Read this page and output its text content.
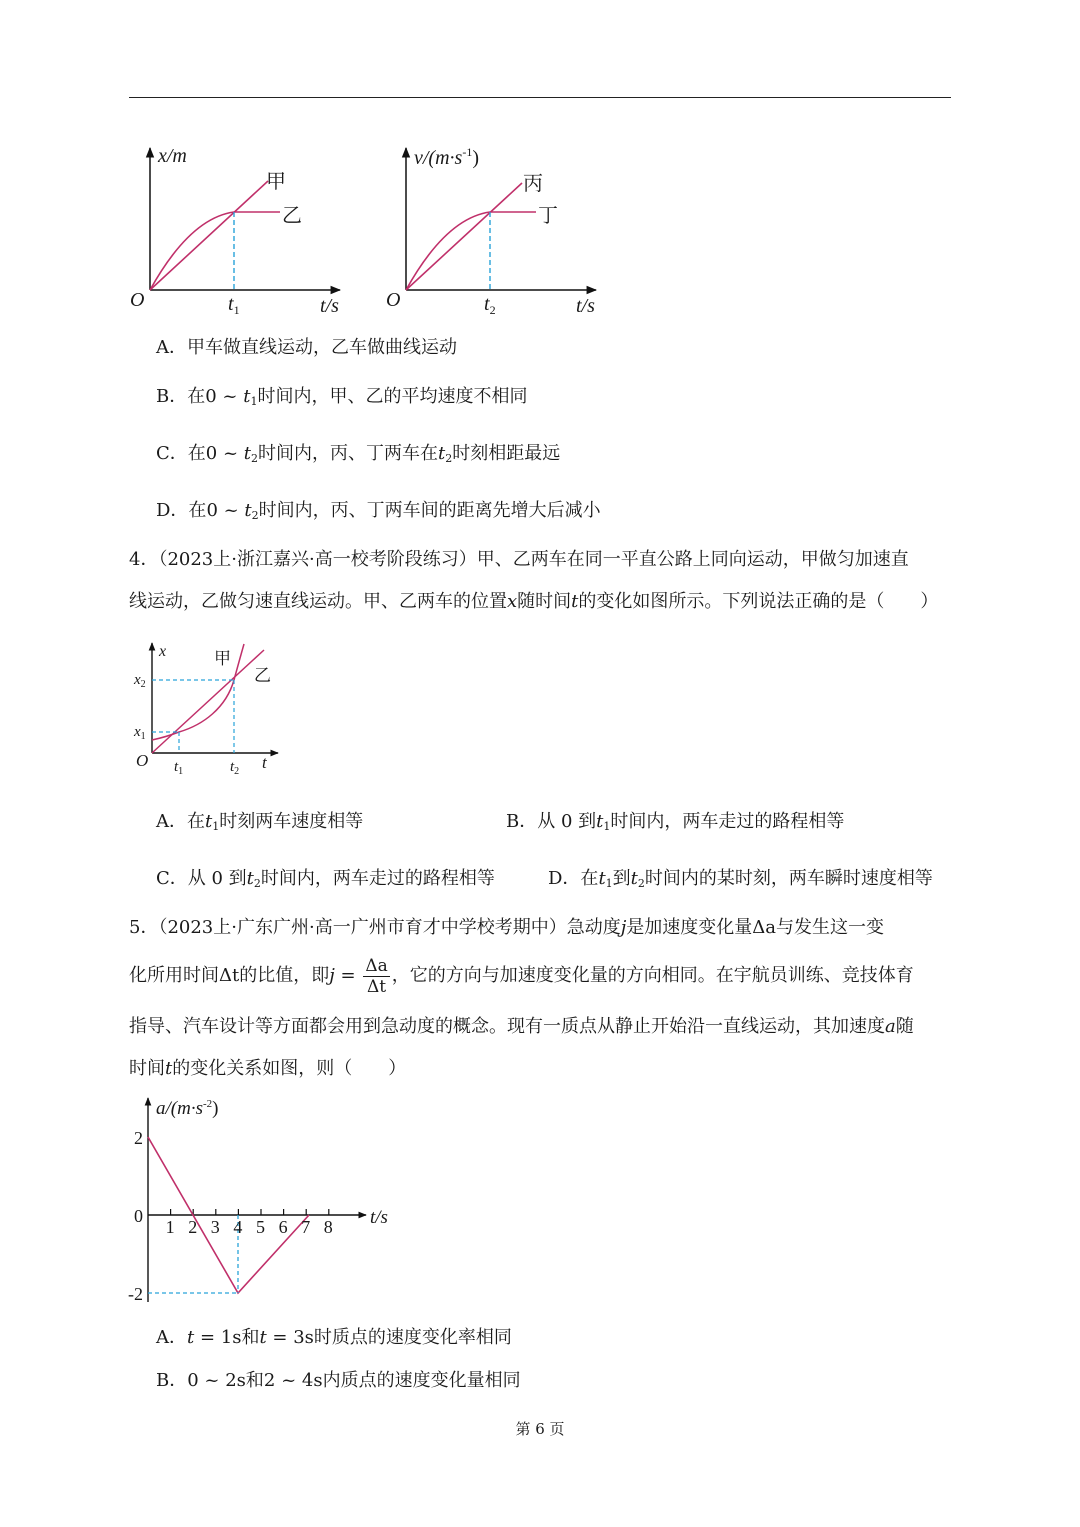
x/m
甲
乙
O	$t_1$	t/s
$v/(m\cdot s^{-1})$
丙
丁
O	$t_2$	t/s
A．甲车做直线运动，乙车做曲线运动
B．在0 ~ $t_1$时间内，甲、乙的平均速度不相同
C．在0 ~ $t_2$时间内，丙、丁两车在$t_2$时刻相距最远
D．在0 ~ $t_2$时间内，丙、丁两车间的距离先增大后减小
4．（2023上·浙江嘉兴·高一校考阶段练习）甲、乙两车在同一平直公路上同向运动，甲做匀加速直
线运动，乙做匀速直线运动。甲、乙两车的位置x随时间t的变化如图所示。下列说法正确的是（　　）
x	甲
乙
$x_2$
$x_1$
O $t_1$	$t_2$ t
A．在$t_1$时刻两车速度相等	B．从 0 到$t_1$时间内，两车走过的路程相等
C．从 0 到$t_2$时间内，两车走过的路程相等	D．在$t_1$到$t_2$时间内的某时刻，两车瞬时速度相等
5．（2023上·广东广州·高一广州市育才中学校考期中）急动度j是加速度变化量Δa与发生这一变
化所用时间Δt的比值，即$j = \frac{\Delta a}{\Delta t}$ ，它的方向与加速度变化量的方向相同。在宇航员训练、竞技体育
指导、汽车设计等方面都会用到急动度的概念。现有一质点从静止开始沿一直线运动，其加速度a随
时间t的变化关系如图，则（　　）
$a/(m\cdot s^{-2})$
2
0
-2
1 2 3 4 5 6 7 8 t/s
A．t = 1s和t = 3s时质点的速度变化率相同
B．0 ~ 2s和2 ~ 4s内质点的速度变化量相同
第 6 页
